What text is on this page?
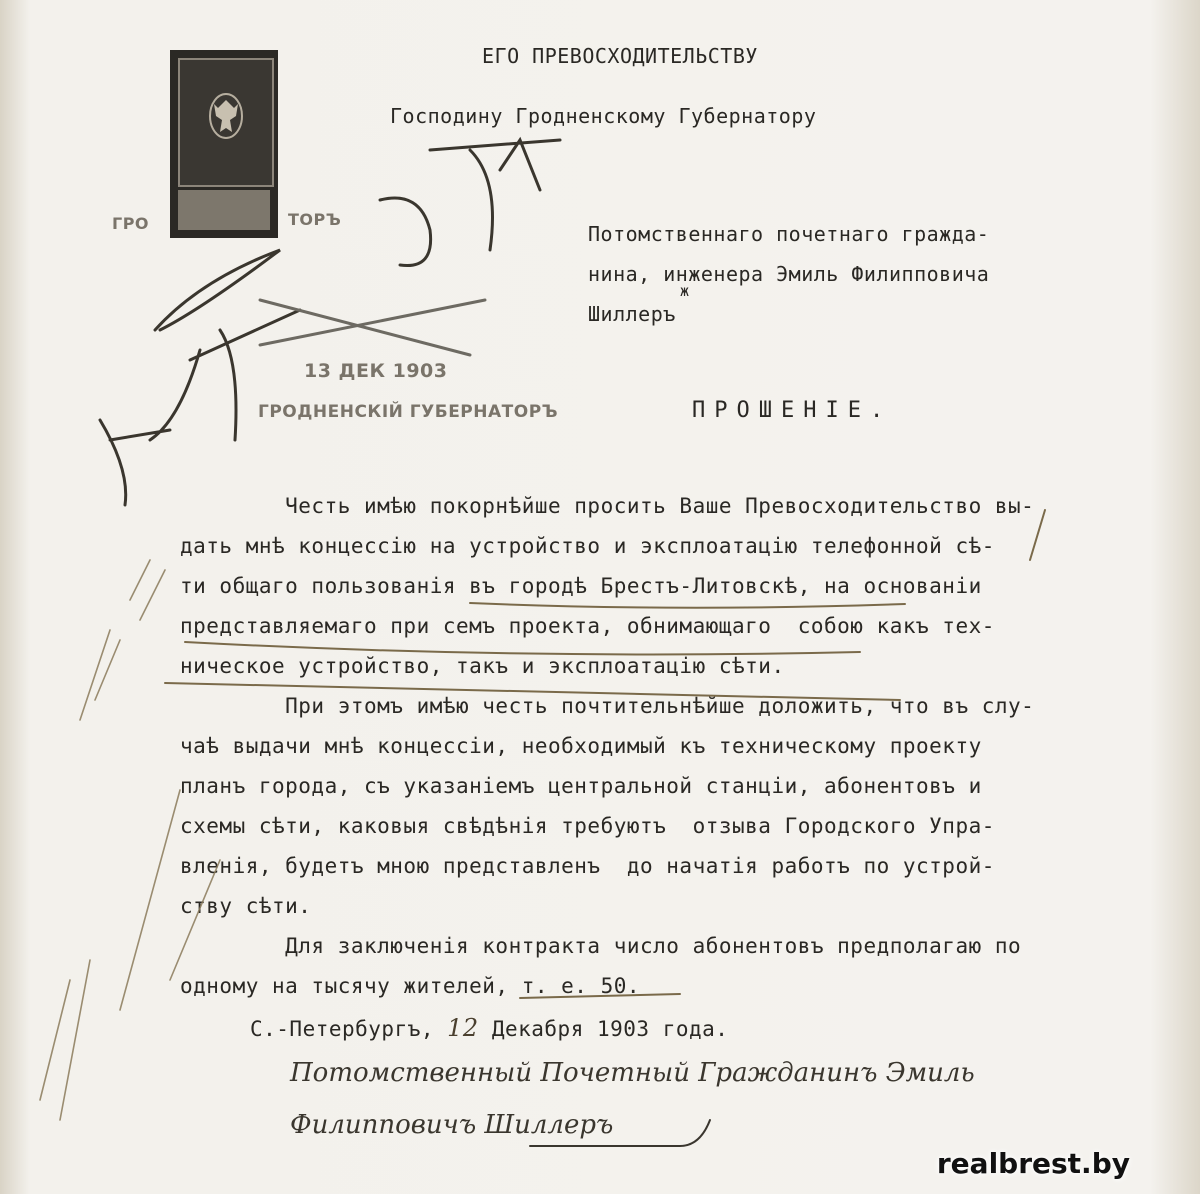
ГРО	ТОРЪ
ЕГО ПРЕВОСХОДИТЕЛЬСТВУ
Господину Гродненскому Губернатору
Потомственнаго почетнаго гражда-
нина, инженера Эмиль Филипповича
Шиллеръ
ж
13 ДЕК 1903
ГРОДНЕНСКIЙ ГУБЕРНАТОРЪ	ПРОШЕНIЕ.
Честь имѣю покорнѣйше просить Ваше Превосходительство вы-
дать мнѣ концессію на устройство и эксплоатацію телефонной сѣ-
ти общаго пользованія въ городѣ Брестъ-Литовскѣ, на основаніи
представляемаго при семъ проекта, обнимающаго  собою какъ тех-
ническое устройство, такъ и эксплоатацію сѣти.
При этомъ имѣю честь почтительнѣйше доложить, что въ слу-
чаѣ выдачи мнѣ концессіи, необходимый къ техническому проекту
планъ города, съ указаніемъ центральной станціи, абонентовъ и
схемы сѣти, каковыя свѣдѣнія требуютъ  отзыва Городского Упра-
вленія, будетъ мною представленъ  до начатія работъ по устрой-
ству сѣти.
Для заключенія контракта число абонентовъ предполагаю по
одному на тысячу жителей, т. е. 50.
С.-Петербургъ, 12 Декабря 1903 года.
Потомственный Почетный Гражданинъ Эмиль
Филипповичъ Шиллеръ
realbrest.by
